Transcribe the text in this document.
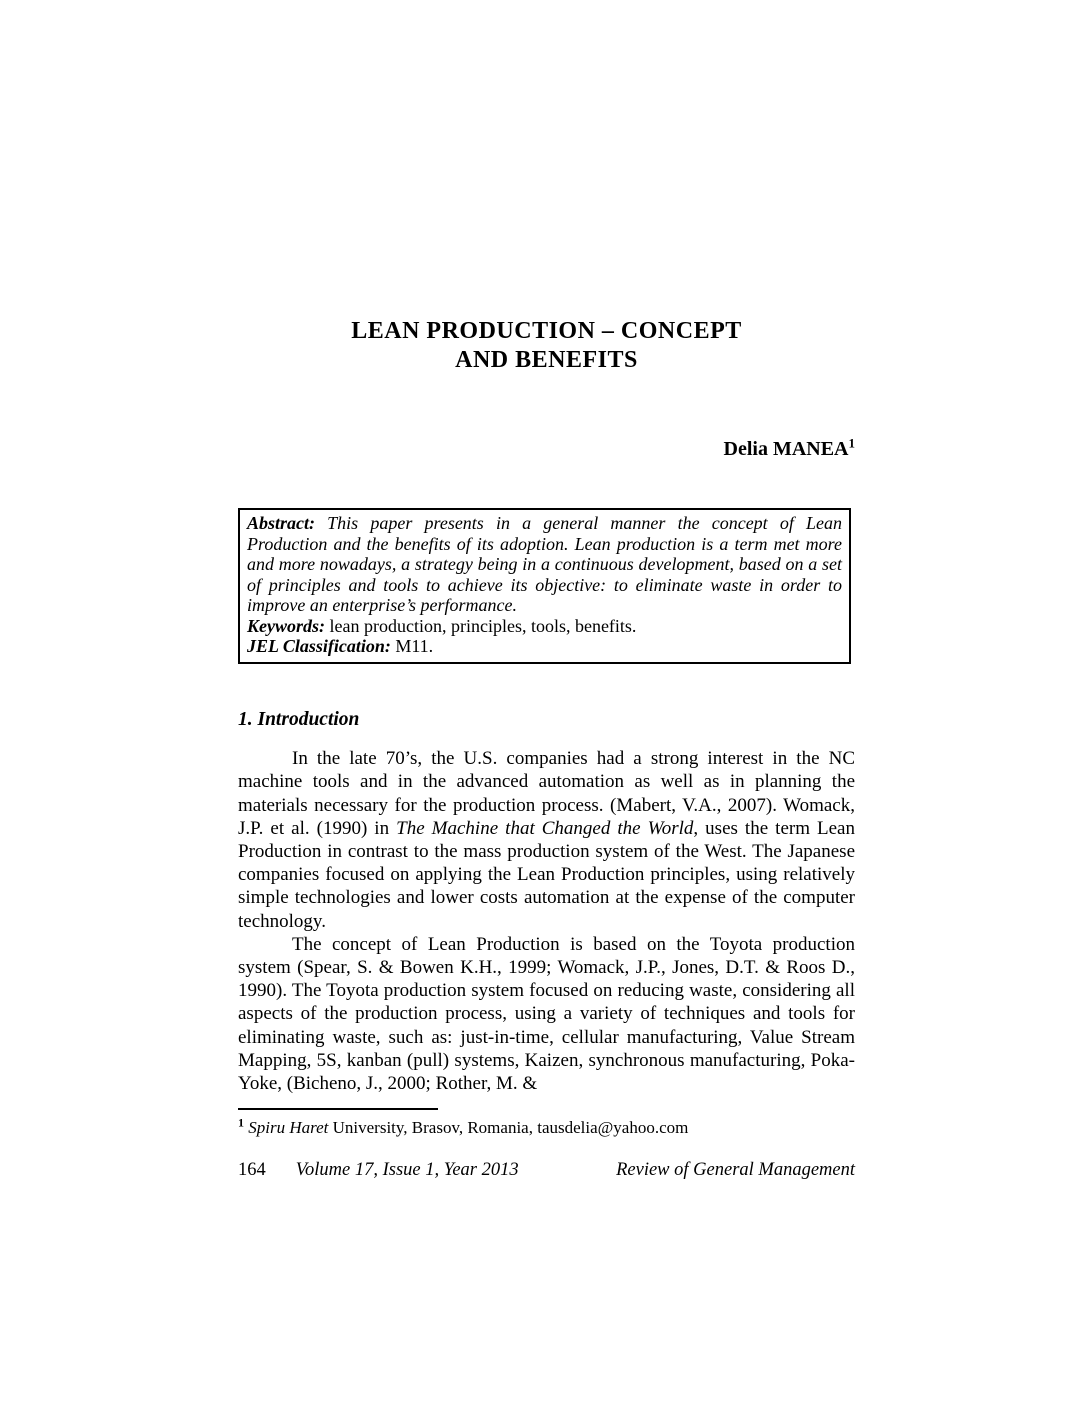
LEAN PRODUCTION – CONCEPT
AND BENEFITS
Delia MANEA$^1$

Abstract: This paper presents in a general manner the concept of Lean Production and the benefits of its adoption. Lean production is a term met more and more nowadays, a strategy being in a continuous development, based on a set of principles and tools to achieve its objective: to eliminate waste in order to improve an enterprise’s performance.

Keywords: lean production, principles, tools, benefits.

JEL Classification: M11.

1. Introduction

In the late 70’s, the U.S. companies had a strong interest in the NC machine tools and in the advanced automation as well as in planning the materials necessary for the production process. (Mabert, V.A., 2007). Womack, J.P. et al. (1990) in The Machine that Changed the World, uses the term Lean Production in contrast to the mass production system of the West. The Japanese companies focused on applying the Lean Production principles, using relatively simple technologies and lower costs automation at the expense of the computer technology.

The concept of Lean Production is based on the Toyota production system (Spear, S. & Bowen K.H., 1999; Womack, J.P., Jones, D.T. & Roos D., 1990). The Toyota production system focused on reducing waste, considering all aspects of the production process, using a variety of techniques and tools for eliminating waste, such as: just-in-time, cellular manufacturing, Value Stream Mapping, 5S, kanban (pull) systems, Kaizen, synchronous manufacturing, Poka-Yoke, (Bicheno, J., 2000; Rother, M. &

$^1$ Spiru Haret University, Brasov, Romania, tausdelia@yahoo.com
164 Volume 17, Issue 1, Year 2013	Review of General Management
